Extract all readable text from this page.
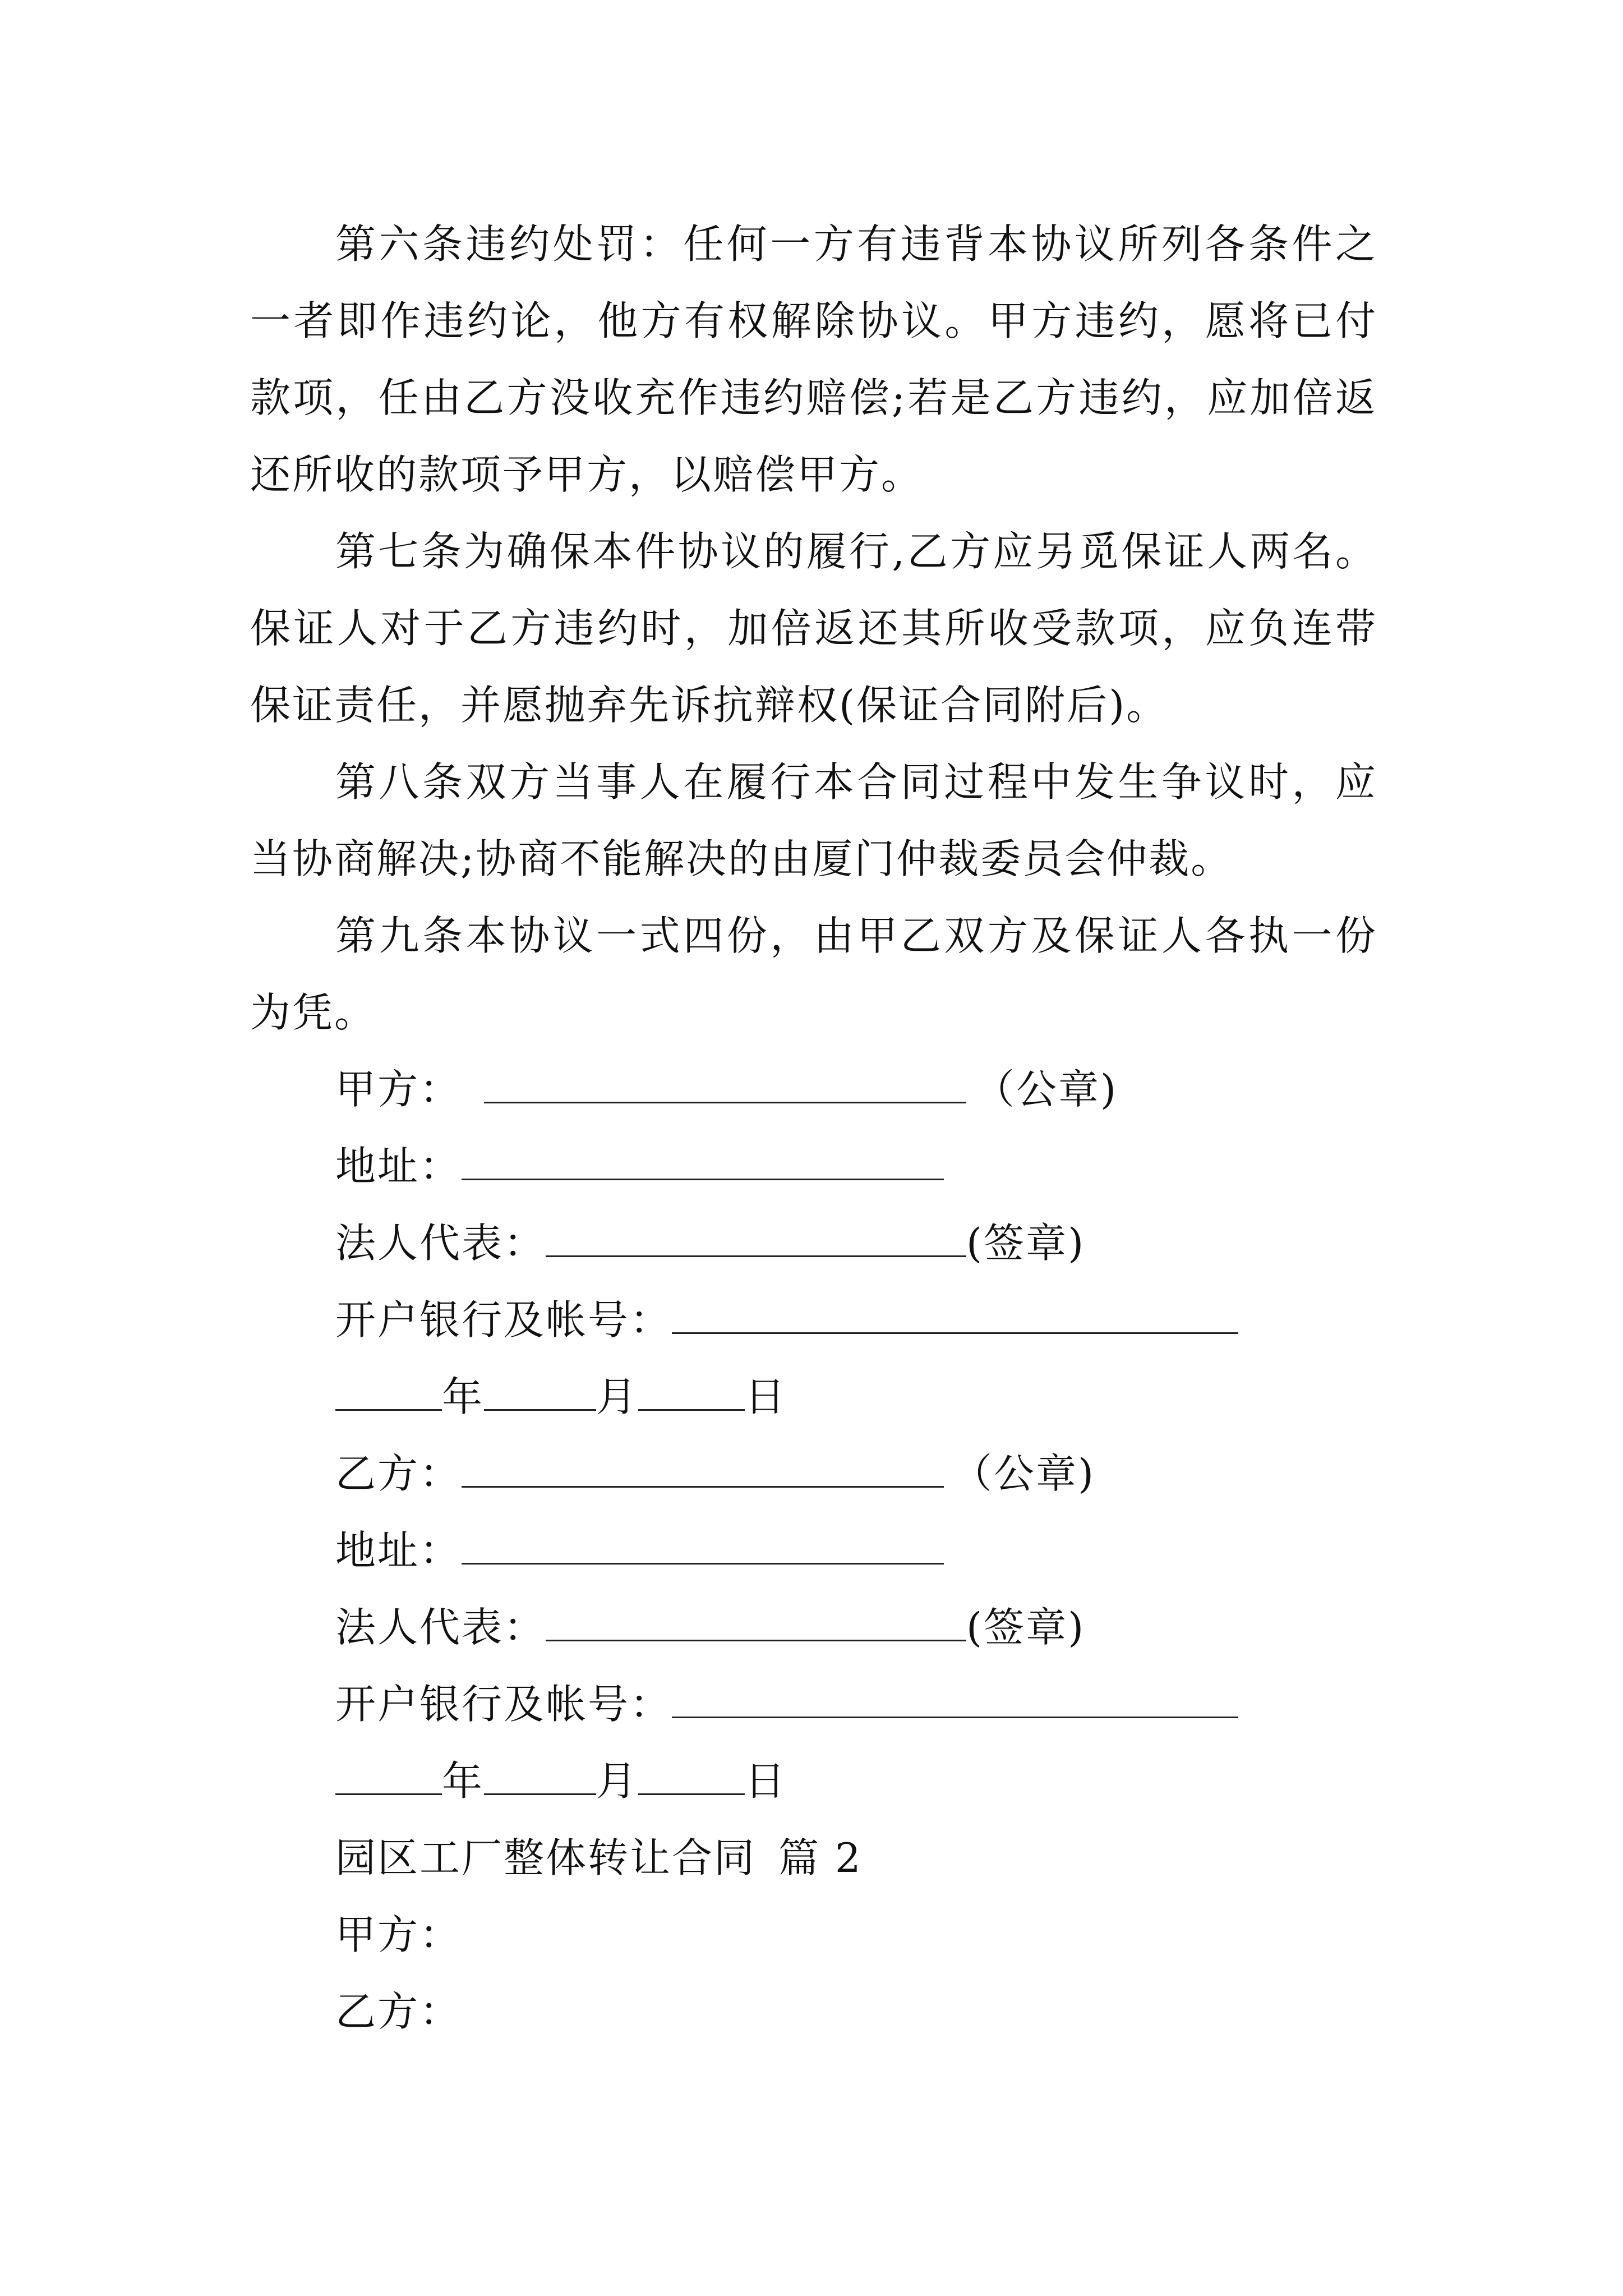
第六条违约处罚：任何一方有违背本协议所列各条件之一者即作违约论，他方有权解除协议。甲方违约，愿将已付款项，任由乙方没收充作违约赔偿;若是乙方违约，应加倍返还所收的款项予甲方，以赔偿甲方。

第七条为确保本件协议的履行,乙方应另觅保证人两名。保证人对于乙方违约时，加倍返还其所收受款项，应负连带保证责任，并愿抛弃先诉抗辩权(保证合同附后)。

第八条双方当事人在履行本合同过程中发生争议时，应当协商解决;协商不能解决的由厦门仲裁委员会仲裁。

第九条本协议一式四份，由甲乙双方及保证人各执一份为凭。

甲方：	（公章)
地址：
法人代表：	(签章)
开户银行及帐号：
年	月	日
乙方：	（公章)
地址：
法人代表：	(签章)
开户银行及帐号：
年	月	日
园区工厂整体转让合同 篇 2
甲方：
乙方：
